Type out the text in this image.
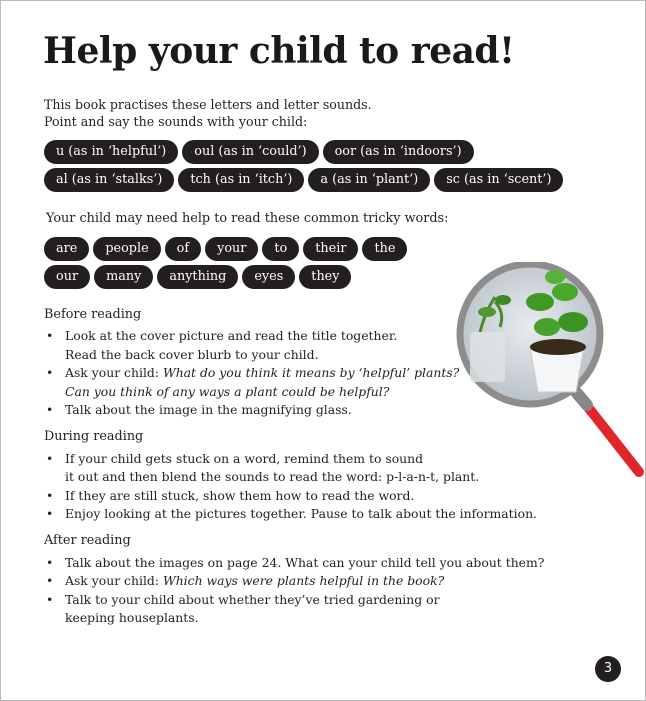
Help your child to read!
This book practises these letters and letter sounds.
Point and say the sounds with your child:
u (as in ‘helpful’)	oul (as in ‘could’)	oor (as in ‘indoors’)
al (as in ‘stalks’)	tch (as in ‘itch’)	a (as in ‘plant’)	sc (as in ‘scent’)
Your child may need help to read these common tricky words:
are	people	of	your	to	their	the
our	many	anything	eyes	they
Before reading
• Look at the cover picture and read the title together.
Read the back cover blurb to your child.
• Ask your child: What do you think it means by ‘helpful’ plants?
Can you think of any ways a plant could be helpful?
• Talk about the image in the magnifying glass.
During reading
• If your child gets stuck on a word, remind them to sound
it out and then blend the sounds to read the word: p-l-a-n-t, plant.
• If they are still stuck, show them how to read the word.
• Enjoy looking at the pictures together. Pause to talk about the information.
After reading
• Talk about the images on page 24. What can your child tell you about them?
• Ask your child: Which ways were plants helpful in the book?
• Talk to your child about whether they’ve tried gardening or
keeping houseplants.
3
